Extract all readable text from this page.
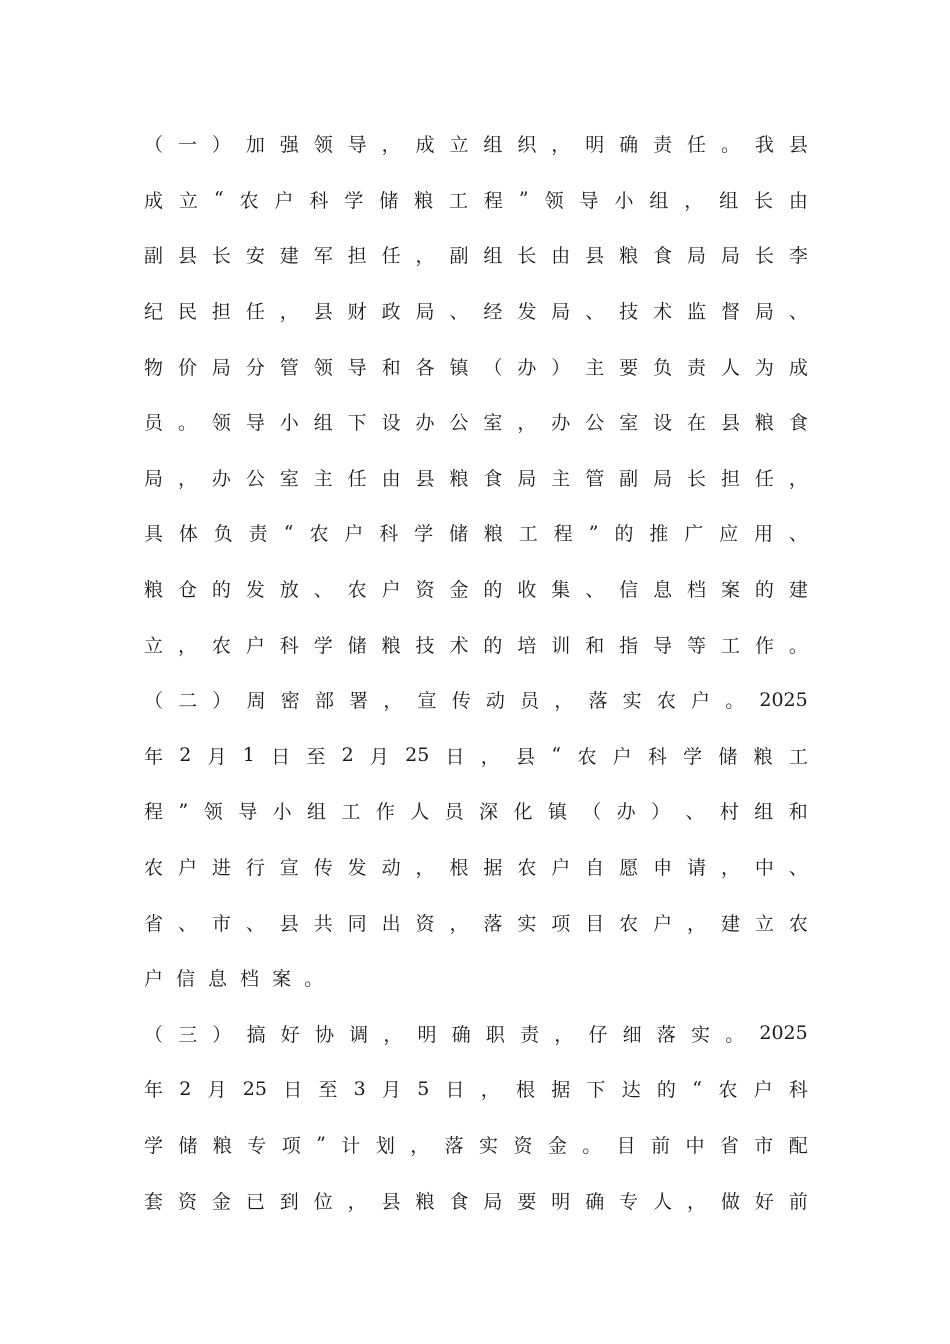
（ 一 ） 加 强 领 导 ， 成 立 组 织 ， 明 确 责 任 。 我 县
成 立 “ 农 户 科 学 储 粮 工 程 ” 领 导 小 组 ， 组 长 由
副 县 长 安 建 军 担 任 ， 副 组 长 由 县 粮 食 局 局 长 李
纪 民 担 任 ， 县 财 政 局 、 经 发 局 、 技 术 监 督 局 、
物 价 局 分 管 领 导 和 各 镇 （ 办 ） 主 要 负 责 人 为 成
员 。 领 导 小 组 下 设 办 公 室 ， 办 公 室 设 在 县 粮 食
局 ， 办 公 室 主 任 由 县 粮 食 局 主 管 副 局 长 担 任 ，
具 体 负 责 “ 农 户 科 学 储 粮 工 程 ” 的 推 广 应 用 、
粮 仓 的 发 放 、 农 户 资 金 的 收 集 、 信 息 档 案 的 建
立 ， 农 户 科 学 储 粮 技 术 的 培 训 和 指 导 等 工 作 。
（ 二 ） 周 密 部 署 ， 宣 传 动 员 ， 落 实 农 户 。 2025
年 2 月 1 日 至 2 月 25 日 ， 县 “ 农 户 科 学 储 粮 工
程 ” 领 导 小 组 工 作 人 员 深 化 镇 （ 办 ） 、 村 组 和
农 户 进 行 宣 传 发 动 ， 根 据 农 户 自 愿 申 请 ， 中 、
省 、 市 、 县 共 同 出 资 ， 落 实 项 目 农 户 ， 建 立 农
户 信 息 档 案 。
（ 三 ） 搞 好 协 调 ， 明 确 职 责 ， 仔 细 落 实 。 2025
年 2 月 25 日 至 3 月 5 日 ， 根 据 下 达 的 “ 农 户 科
学 储 粮 专 项 ” 计 划 ， 落 实 资 金 。 目 前 中 省 市 配
套 资 金 已 到 位 ， 县 粮 食 局 要 明 确 专 人 ， 做 好 前
